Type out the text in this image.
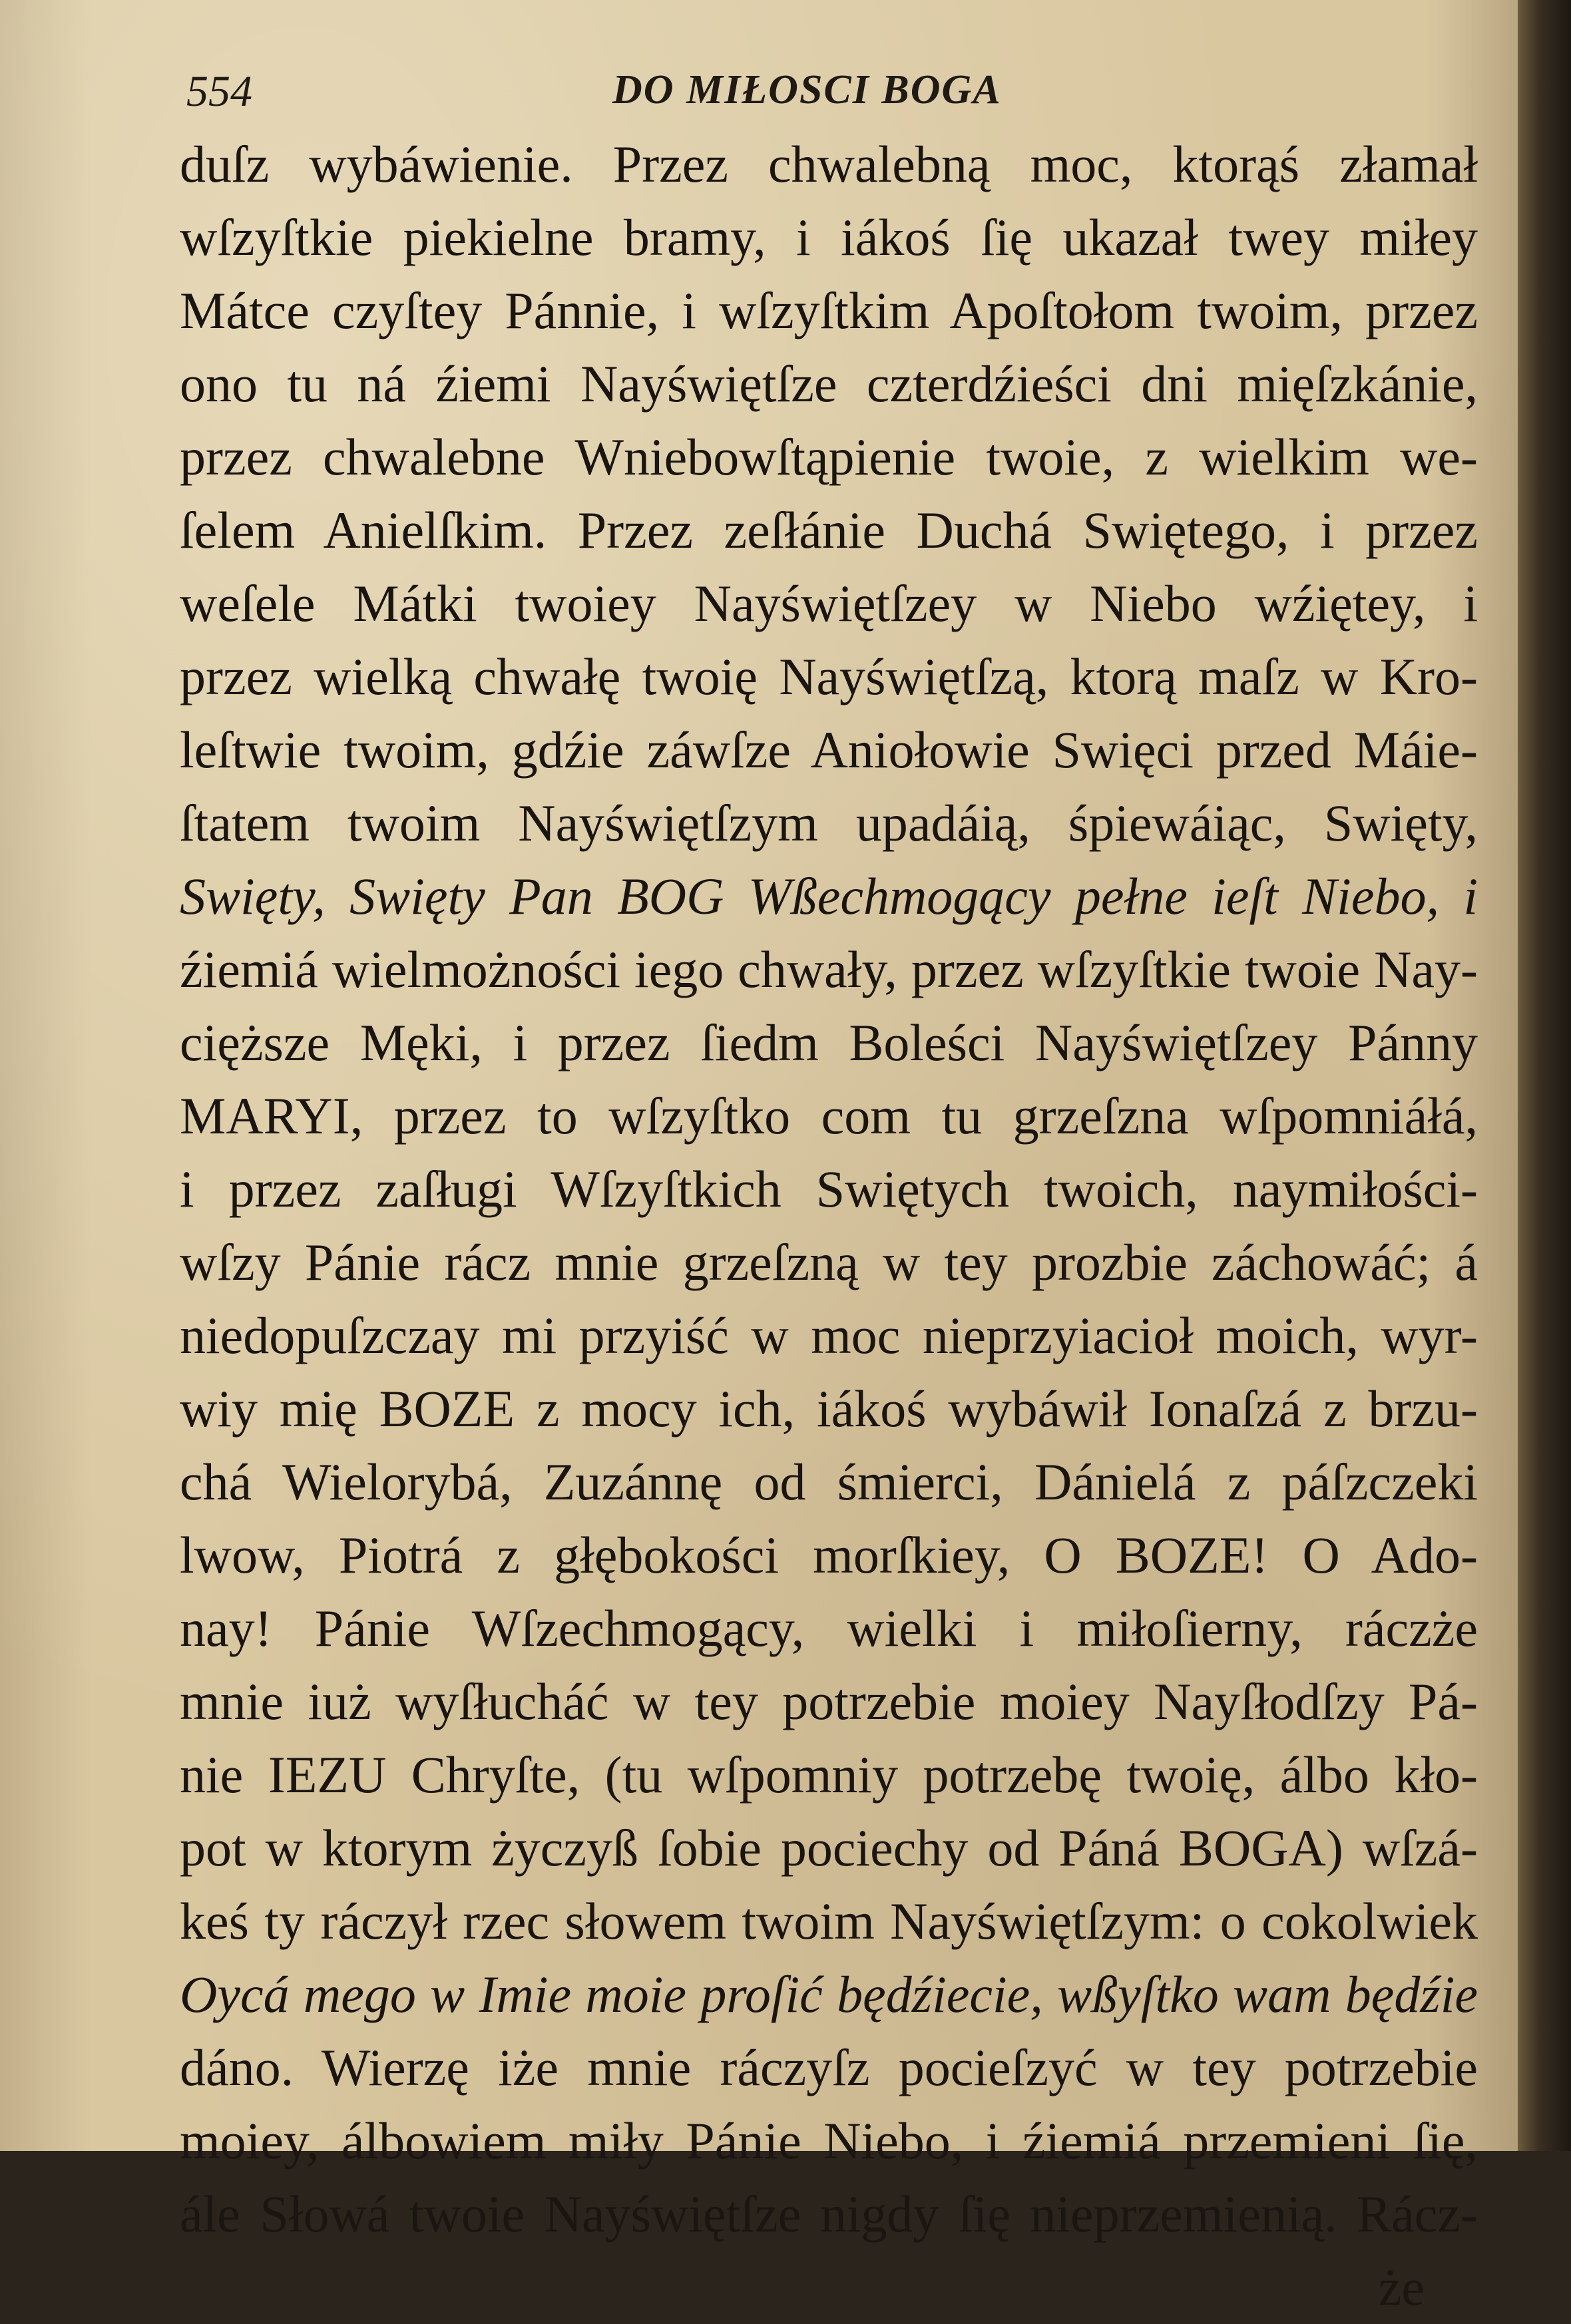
554	DO MIŁOSCI BOGA
duſz wybáwienie. Przez chwalebną moc, ktorąś złamał
wſzyſtkie piekielne bramy, i iákoś ſię ukazał twey miłey
Mátce czyſtey Pánnie, i wſzyſtkim Apoſtołom twoim, przez
ono tu ná źiemi Nayświętſze czterdźieści dni mięſzkánie,
przez chwalebne Wniebowſtąpienie twoie, z wielkim we-
ſelem Anielſkim. Przez zeſłánie Duchá Swiętego, i przez
weſele Mátki twoiey Nayświętſzey w Niebo wźiętey, i
przez wielką chwałę twoię Nayświętſzą, ktorą maſz w Kro-
leſtwie twoim, gdźie záwſze Aniołowie Swięci przed Máie-
ſtatem twoim Nayświętſzym upadáią, śpiewáiąc, Swięty,
Swięty, Swięty Pan BOG Wßechmogący pełne ieſt Niebo, i
źiemiá wielmożności iego chwały, przez wſzyſtkie twoie Nay-
cięższe Męki, i przez ſiedm Boleści Nayświętſzey Pánny
MARYI, przez to wſzyſtko com tu grzeſzna wſpomniáłá,
i przez zaſługi Wſzyſtkich Swiętych twoich, naymiłości-
wſzy Pánie rácz mnie grzeſzną w tey prozbie záchowáć; á
niedopuſzczay mi przyiść w moc nieprzyiacioł moich, wyr-
wiy mię BOZE z mocy ich, iákoś wybáwił Ionaſzá z brzu-
chá Wielorybá, Zuzánnę od śmierci, Dánielá z páſzczeki
lwow, Piotrá z głębokości morſkiey, O BOZE! O Ado-
nay! Pánie Wſzechmogący, wielki i miłoſierny, ráczże
mnie iuż wyſłucháć w tey potrzebie moiey Nayſłodſzy Pá-
nie IEZU Chryſte, (tu wſpomniy potrzebę twoię, álbo kło-
pot w ktorym życzyß ſobie pociechy od Páná BOGA) wſzá-
keś ty ráczył rzec słowem twoim Nayświętſzym: o cokolwiek
Oycá mego w Imie moie proſić będźiecie, wßyſtko wam będźie
dáno. Wierzę iże mnie ráczyſz pocieſzyć w tey potrzebie
moiey, álbowiem miły Pánie Niebo, i źiemiá przemieni ſię,
ále Słowá twoie Nayświętſze nigdy ſię nieprzemienią. Rácz-
że
